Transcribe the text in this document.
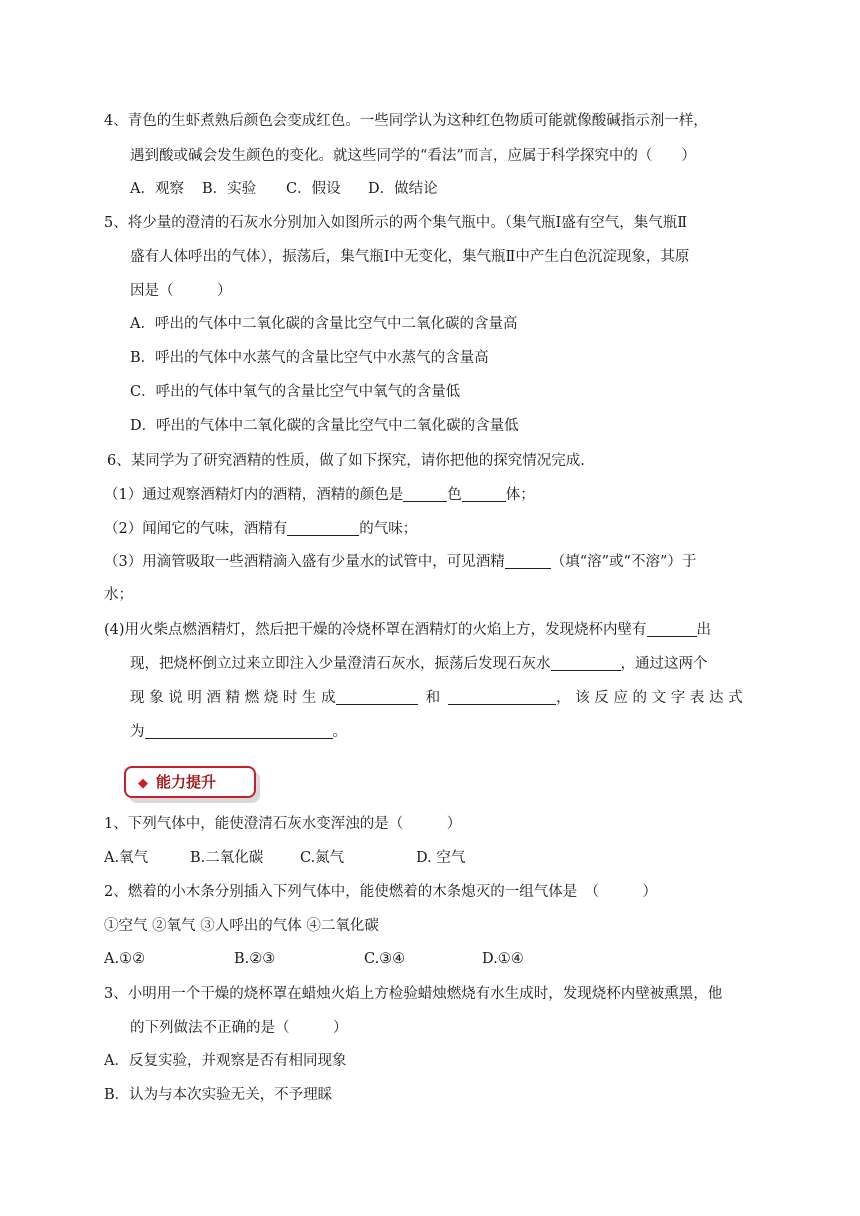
4、青色的生虾煮熟后颜色会变成红色。一些同学认为这种红色物质可能就像酸碱指示剂一样，
遇到酸或碱会发生颜色的变化。就这些同学的“看法”而言，应属于科学探究中的（　　）
A．观察 B．实验 C．假设 D．做结论
5、将少量的澄清的石灰水分别加入如图所示的两个集气瓶中。（集气瓶Ⅰ盛有空气，集气瓶Ⅱ
盛有人体呼出的气体），振荡后，集气瓶Ⅰ中无变化，集气瓶Ⅱ中产生白色沉淀现象，其原
因是（　　　）
A．呼出的气体中二氧化碳的含量比空气中二氧化碳的含量高
B．呼出的气体中水蒸气的含量比空气中水蒸气的含量高
C．呼出的气体中氧气的含量比空气中氧气的含量低
D．呼出的气体中二氧化碳的含量比空气中二氧化碳的含量低
6、某同学为了研究酒精的性质，做了如下探究，请你把他的探究情况完成.
（1）通过观察酒精灯内的酒精，酒精的颜色是	色	体；
（2）闻闻它的气味，酒精有	的气味；
（3）用滴管吸取一些酒精滴入盛有少量水的试管中，可见酒精	（填“溶”或“不溶”）于
水；
(4)用火柴点燃酒精灯，然后把干燥的冷烧杯罩在酒精灯的火焰上方，发现烧杯内壁有	出
现，把烧杯倒立过来立即注入少量澄清石灰水，振荡后发现石灰水	，通过这两个
现 象 说 明 酒 精 燃 烧 时 生 成	和	， 该 反 应 的 文 字 表 达 式
为	。
◆ 能力提升
1、下列气体中，能使澄清石灰水变浑浊的是（　　　）
A.氧气	B.二氧化碳	C.氮气	D. 空气
2、燃着的小木条分别插入下列气体中，能使燃着的木条熄灭的一组气体是　（　　　）
①空气 ②氧气 ③人呼出的气体 ④二氧化碳
A.①②	B.②③	C.③④	D.①④
3、小明用一个干燥的烧杯罩在蜡烛火焰上方检验蜡烛燃烧有水生成时，发现烧杯内壁被熏黑，他
的下列做法不正确的是（　　　）
A．反复实验，并观察是否有相同现象
B．认为与本次实验无关，不予理睬
